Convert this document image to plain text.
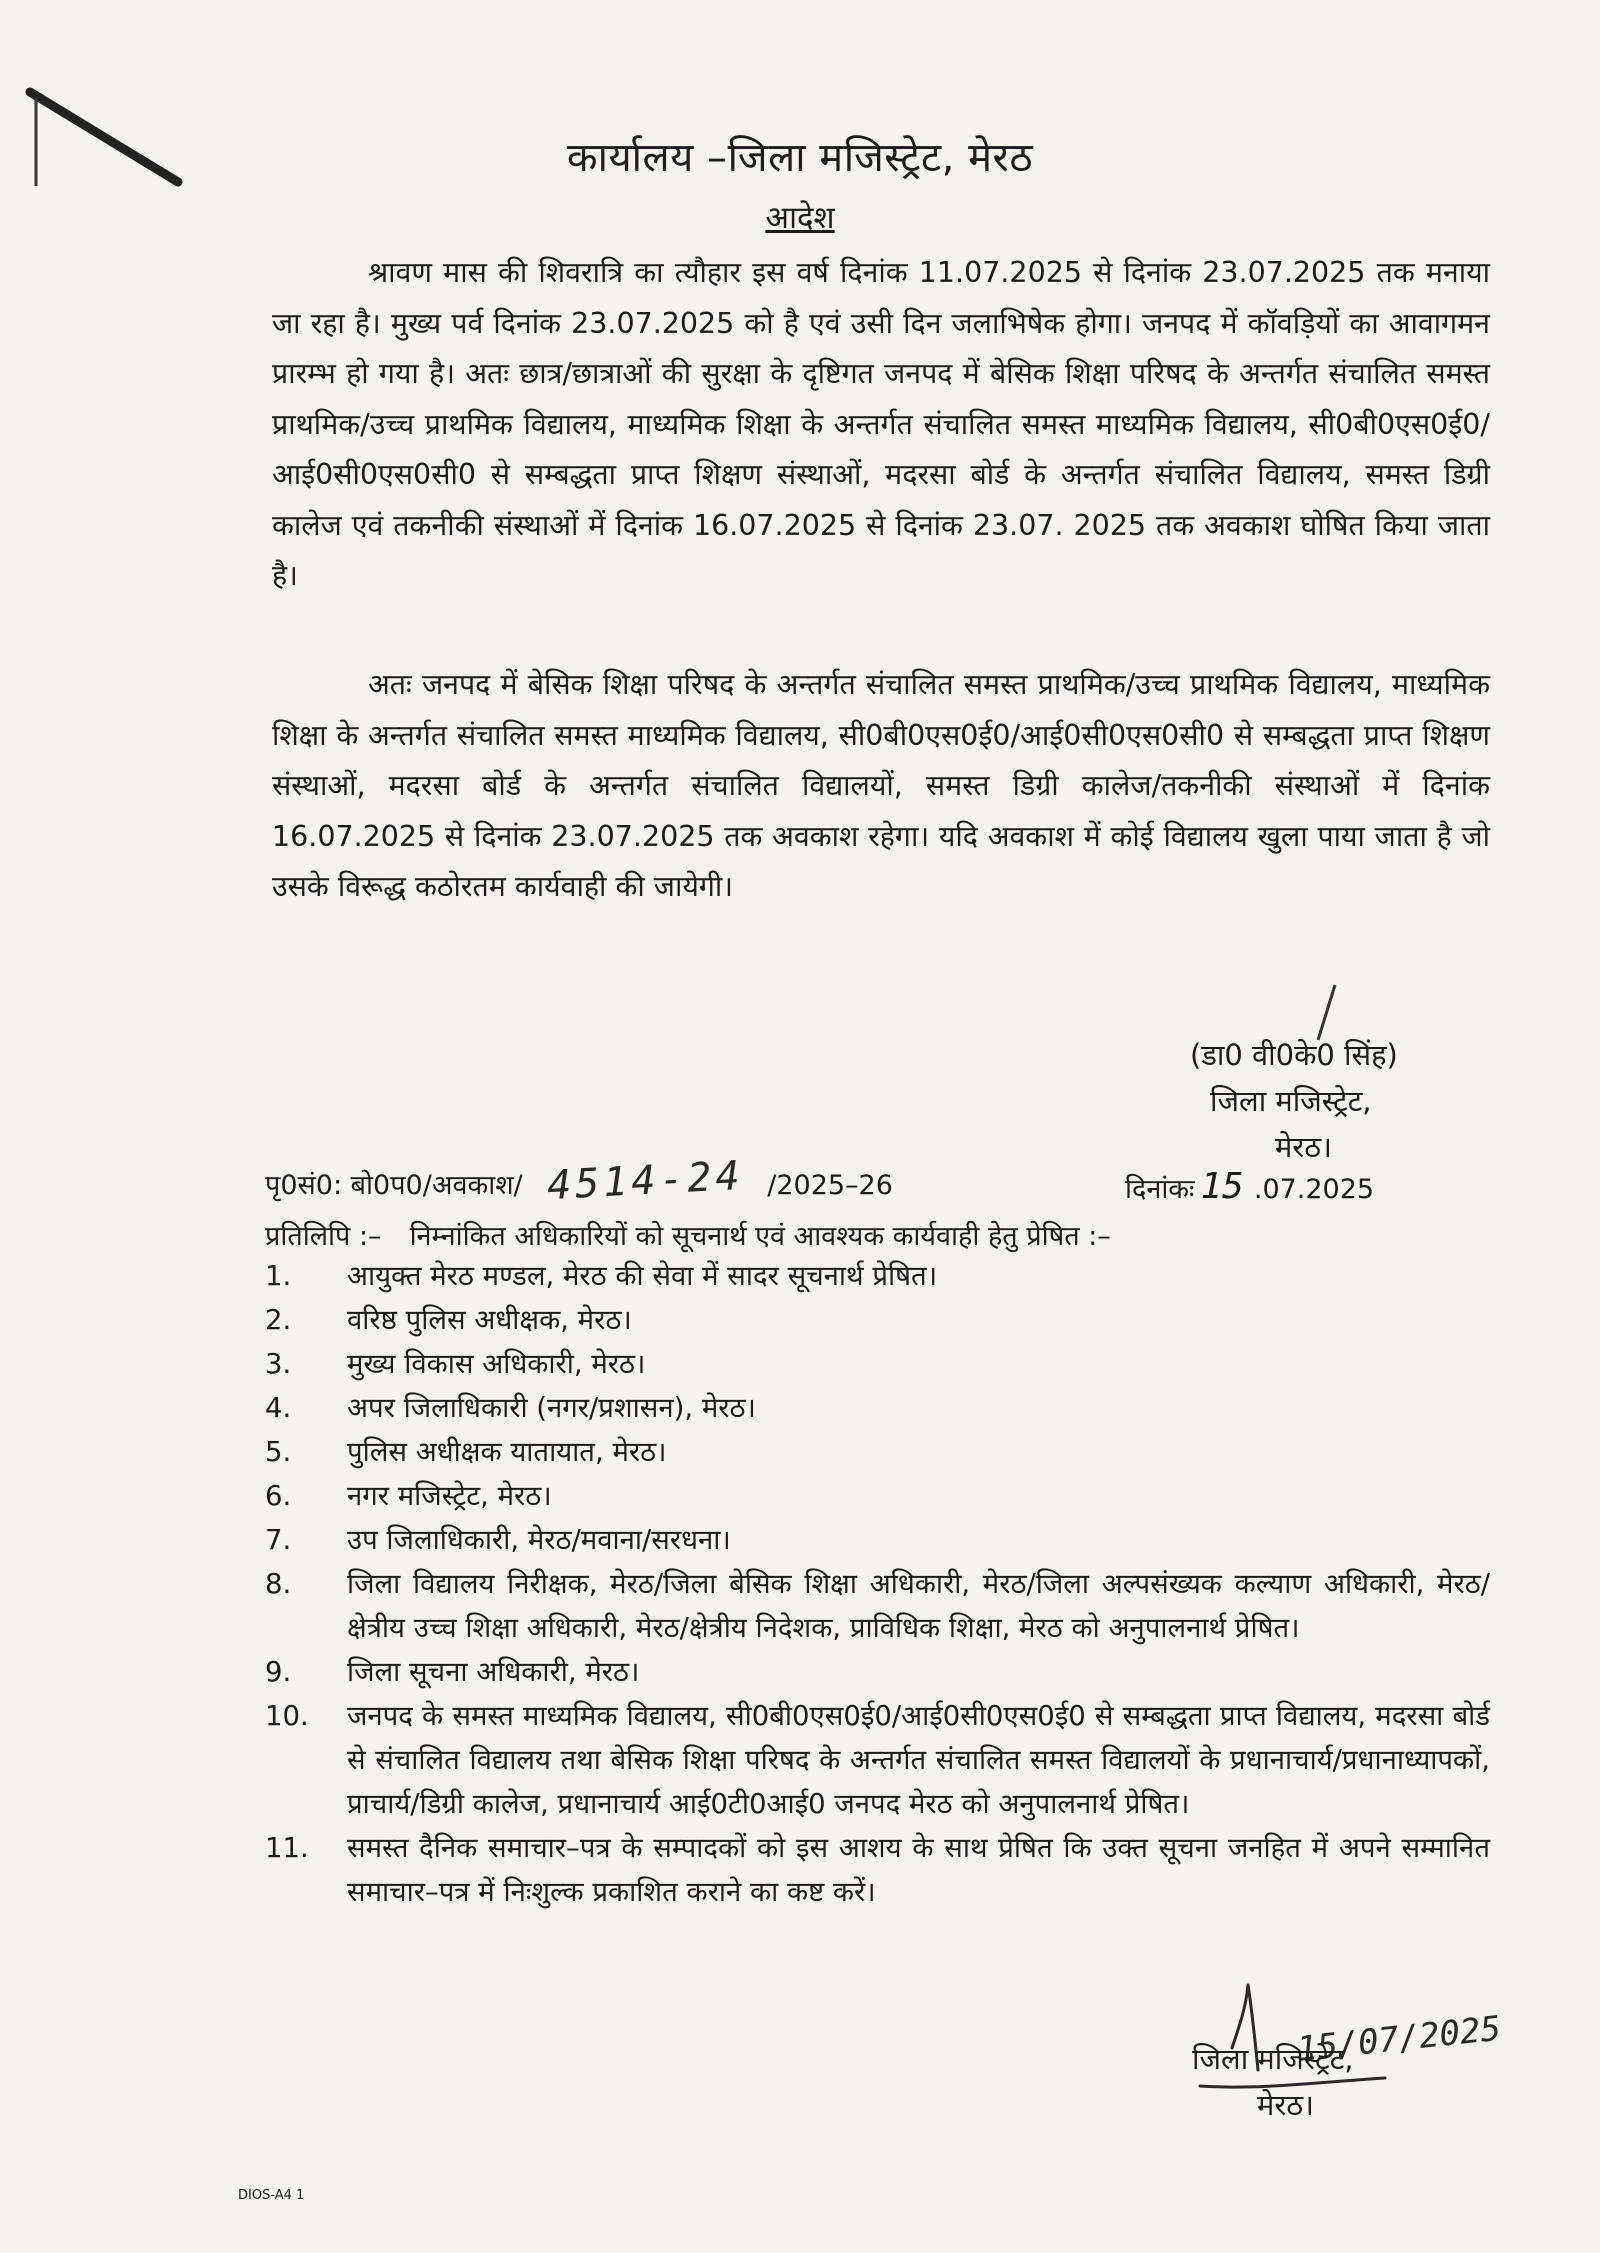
कार्यालय –जिला मजिस्ट्रेट, मेरठ
आदेश

श्रावण मास की शिवरात्रि का त्यौहार इस वर्ष दिनांक 11.07.2025 से दिनांक 23.07.2025 तक मनाया जा रहा है। मुख्य पर्व दिनांक 23.07.2025 को है एवं उसी दिन जलाभिषेक होगा। जनपद में कॉवड़ियों का आवागमन प्रारम्भ हो गया है। अतः छात्र/छात्राओं की सुरक्षा के दृष्टिगत जनपद में बेसिक शिक्षा परिषद के अन्तर्गत संचालित समस्त प्राथमिक/उच्च प्राथमिक विद्यालय, माध्यमिक शिक्षा के अन्तर्गत संचालित समस्त माध्यमिक विद्यालय, सी0बी0एस0ई0/आई0सी0एस0सी0 से सम्बद्धता प्राप्त शिक्षण संस्थाओं, मदरसा बोर्ड के अन्तर्गत संचालित विद्यालय, समस्त डिग्री कालेज एवं तकनीकी संस्थाओं में दिनांक 16.07.2025 से दिनांक 23.07. 2025 तक अवकाश घोषित किया जाता है।

अतः जनपद में बेसिक शिक्षा परिषद के अन्तर्गत संचालित समस्त प्राथमिक/उच्च प्राथमिक विद्यालय, माध्यमिक शिक्षा के अन्तर्गत संचालित समस्त माध्यमिक विद्यालय, सी0बी0एस0ई0/आई0सी0एस0सी0 से सम्बद्धता प्राप्त शिक्षण संस्थाओं, मदरसा बोर्ड के अन्तर्गत संचालित विद्यालयों, समस्त डिग्री कालेज/तकनीकी संस्थाओं में दिनांक 16.07.2025 से दिनांक 23.07.2025 तक अवकाश रहेगा। यदि अवकाश में कोई विद्यालय खुला पाया जाता है जो उसके विरूद्ध कठोरतम कार्यवाही की जायेगी।

(डा0 वी0के0 सिंह)
जिला मजिस्ट्रेट,
मेरठ।
पृ0सं0: बो0प0/अवकाश/ 4514-24 /2025–26	दिनांकः 15 .07.2025
प्रतिलिपि :– निम्नांकित अधिकारियों को सूचनार्थ एवं आवश्यक कार्यवाही हेतु प्रेषित :–
1.	आयुक्त मेरठ मण्डल, मेरठ की सेवा में सादर सूचनार्थ प्रेषित।
2.	वरिष्ठ पुलिस अधीक्षक, मेरठ।
3.	मुख्य विकास अधिकारी, मेरठ।
4.	अपर जिलाधिकारी (नगर/प्रशासन), मेरठ।
5.	पुलिस अधीक्षक यातायात, मेरठ।
6.	नगर मजिस्ट्रेट, मेरठ।
7.	उप जिलाधिकारी, मेरठ/मवाना/सरधना।
8.	जिला विद्यालय निरीक्षक, मेरठ/जिला बेसिक शिक्षा अधिकारी, मेरठ/जिला अल्पसंख्यक कल्याण अधिकारी, मेरठ/क्षेत्रीय उच्च शिक्षा अधिकारी, मेरठ/क्षेत्रीय निदेशक, प्राविधिक शिक्षा, मेरठ को अनुपालनार्थ प्रेषित।
9.	जिला सूचना अधिकारी, मेरठ।
10.	जनपद के समस्त माध्यमिक विद्यालय, सी0बी0एस0ई0/आई0सी0एस0ई0 से सम्बद्धता प्राप्त विद्यालय, मदरसा बोर्ड से संचालित विद्यालय तथा बेसिक शिक्षा परिषद के अन्तर्गत संचालित समस्त विद्यालयों के प्रधानाचार्य/प्रधानाध्यापकों, प्राचार्य/डिग्री कालेज, प्रधानाचार्य आई0टी0आई0 जनपद मेरठ को अनुपालनार्थ प्रेषित।
11.	समस्त दैनिक समाचार–पत्र के सम्पादकों को इस आशय के साथ प्रेषित कि उक्त सूचना जनहित में अपने सम्मानित समाचार–पत्र में निःशुल्क प्रकाशित कराने का कष्ट करें।
15/07/2025
जिला मजिस्ट्रेट,
मेरठ।
DIOS-A4 1
